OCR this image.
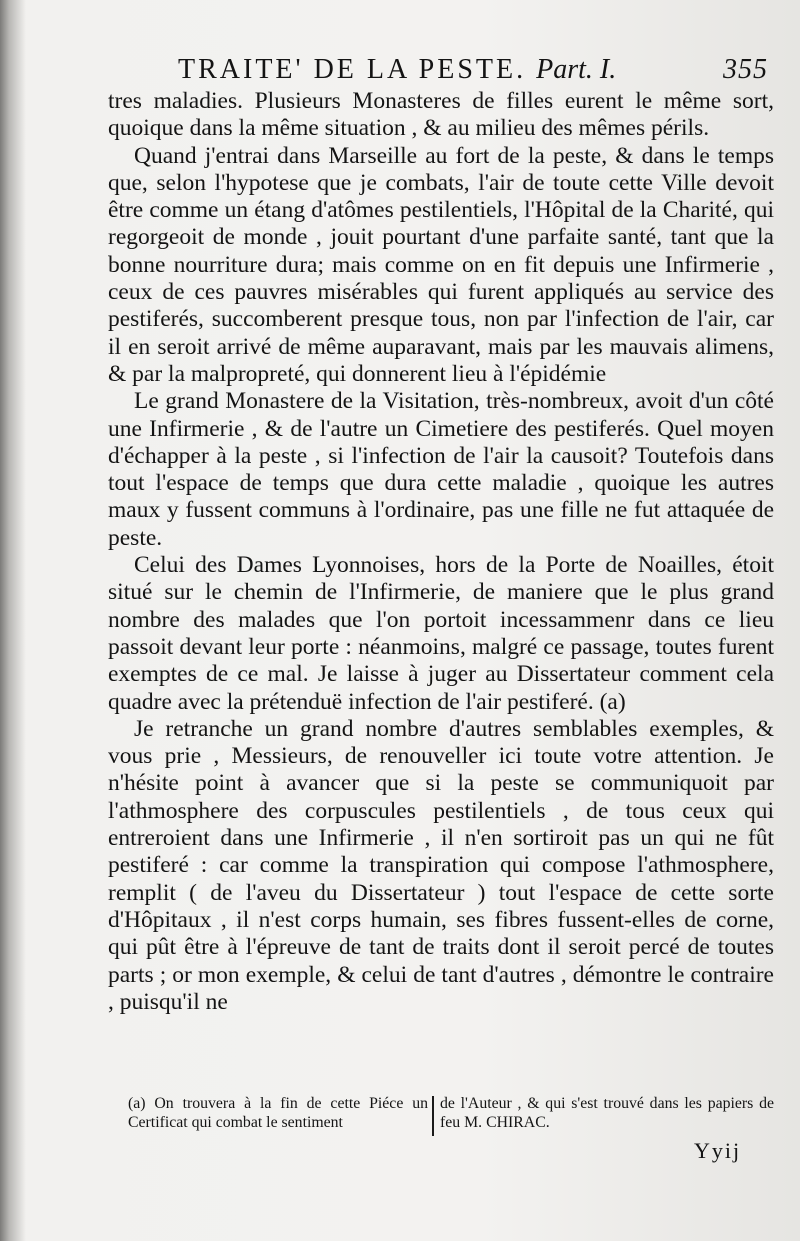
TRAITE' DE LA PESTE. Part. I.	355

tres maladies. Plusieurs Monasteres de filles eurent le même sort, quoique dans la même situation , & au milieu des mêmes périls.

Quand j'entrai dans Marseille au fort de la peste, & dans le temps que, selon l'hypotese que je combats, l'air de toute cette Ville devoit être comme un étang d'atômes pestilentiels, l'Hôpital de la Charité, qui regorgeoit de monde , jouit pourtant d'une parfaite santé, tant que la bonne nourriture dura; mais comme on en fit depuis une Infirmerie , ceux de ces pauvres misérables qui furent appliqués au service des pestiferés, succomberent presque tous, non par l'infection de l'air, car il en seroit arrivé de même auparavant, mais par les mauvais alimens, & par la malpropreté, qui donnerent lieu à l'épidémie

Le grand Monastere de la Visitation, très-nombreux, avoit d'un côté une Infirmerie , & de l'autre un Cimetiere des pestiferés. Quel moyen d'échapper à la peste , si l'infection de l'air la causoit? Toutefois dans tout l'espace de temps que dura cette maladie , quoique les autres maux y fussent communs à l'ordinaire, pas une fille ne fut attaquée de peste.

Celui des Dames Lyonnoises, hors de la Porte de Noailles, étoit situé sur le chemin de l'Infirmerie, de maniere que le plus grand nombre des malades que l'on portoit incessammenr dans ce lieu passoit devant leur porte : néanmoins, malgré ce passage, toutes furent exemptes de ce mal. Je laisse à juger au Dissertateur comment cela quadre avec la prétenduë infection de l'air pestiferé. (a)

Je retranche un grand nombre d'autres semblables exemples, & vous prie , Messieurs, de renouveller ici toute votre attention. Je n'hésite point à avancer que si la peste se communiquoit par l'athmosphere des corpuscules pestilentiels , de tous ceux qui entreroient dans une Infirmerie , il n'en sortiroit pas un qui ne fût pestiferé : car comme la transpiration qui compose l'athmosphere, remplit ( de l'aveu du Dissertateur ) tout l'espace de cette sorte d'Hôpitaux , il n'est corps humain, ses fibres fussent-elles de corne, qui pût être à l'épreuve de tant de traits dont il seroit percé de toutes parts ; or mon exemple, & celui de tant d'autres , démontre le contraire , puisqu'il ne

(a) On trouvera à la fin de cette Piéce un Certificat qui combat le sentiment
de l'Auteur , & qui s'est trouvé dans les papiers de feu M. CHIRAC.
Yyij
